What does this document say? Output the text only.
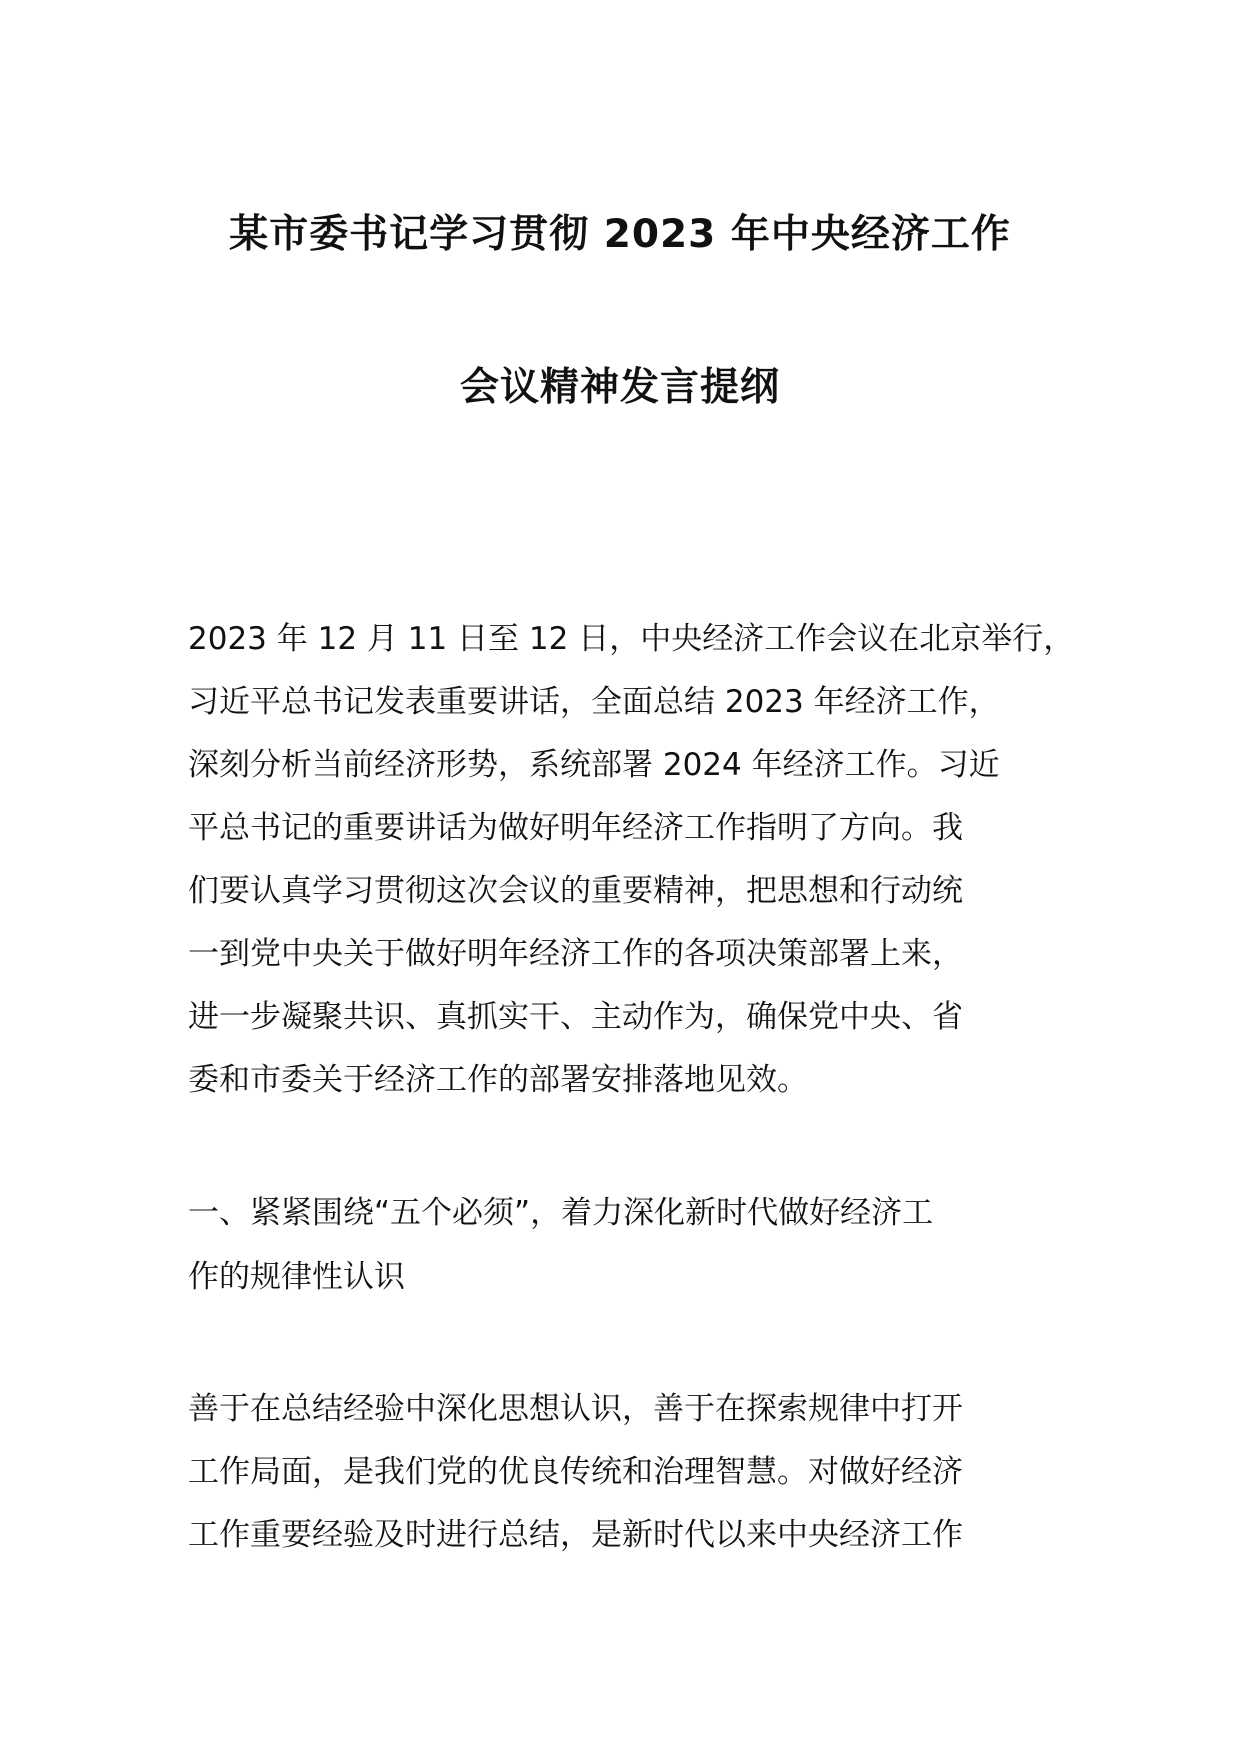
某市委书记学习贯彻 2023 年中央经济工作
会议精神发言提纲

2023 年 12 月 11 日至 12 日，中央经济工作会议在北京举行，

习近平总书记发表重要讲话，全面总结 2023 年经济工作，

深刻分析当前经济形势，系统部署 2024 年经济工作。习近

平总书记的重要讲话为做好明年经济工作指明了方向。我

们要认真学习贯彻这次会议的重要精神，把思想和行动统

一到党中央关于做好明年经济工作的各项决策部署上来，

进一步凝聚共识、真抓实干、主动作为，确保党中央、省

委和市委关于经济工作的部署安排落地见效。

一、紧紧围绕“五个必须”，着力深化新时代做好经济工

作的规律性认识

善于在总结经验中深化思想认识，善于在探索规律中打开

工作局面，是我们党的优良传统和治理智慧。对做好经济

工作重要经验及时进行总结，是新时代以来中央经济工作
